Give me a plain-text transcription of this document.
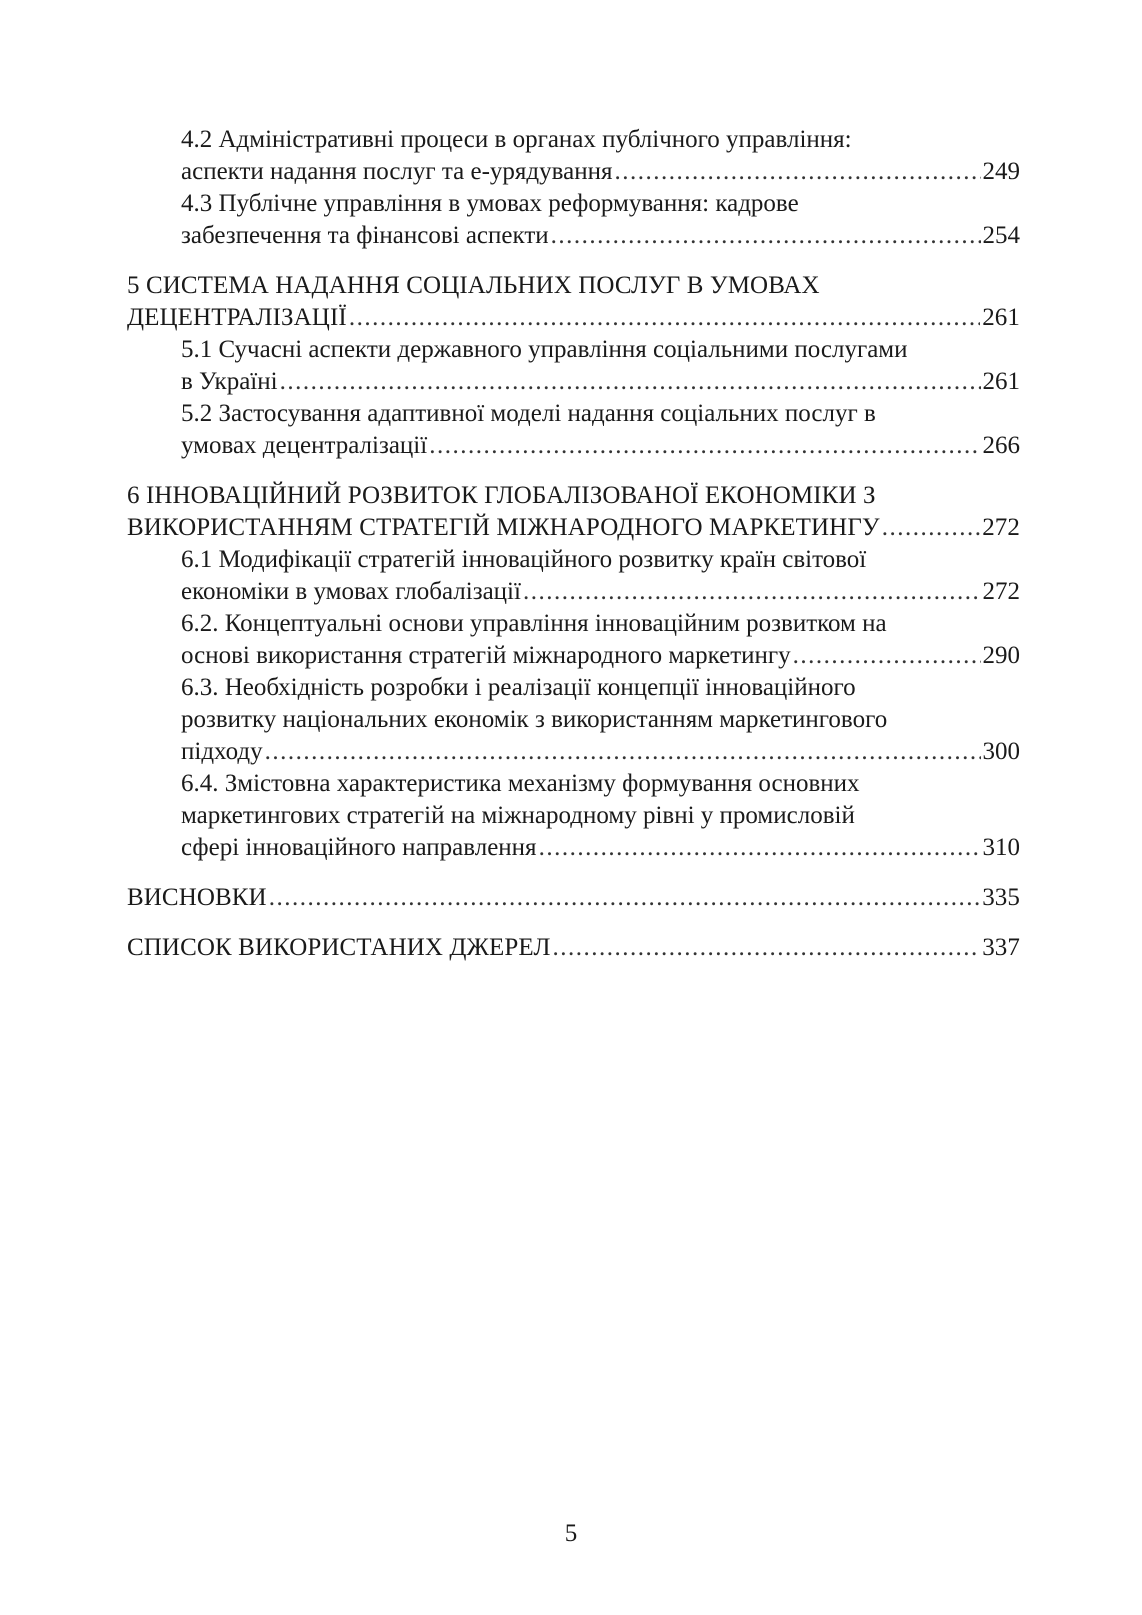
4.2 Адміністративні процеси в органах публічного управління:
аспекти надання послуг та е-урядування .....	249
4.3 Публічне управління в умовах реформування: кадрове
забезпечення та фінансові аспекти .....	254
5 СИСТЕМА НАДАННЯ СОЦІАЛЬНИХ ПОСЛУГ В УМОВАХ
ДЕЦЕНТРАЛІЗАЦІЇ .....	261
5.1 Сучасні аспекти державного управління соціальними послугами
в Україні .....	261
5.2 Застосування адаптивної моделі надання соціальних послуг в
умовах децентралізації .....	266
6 ІННОВАЦІЙНИЙ РОЗВИТОК ГЛОБАЛІЗОВАНОЇ ЕКОНОМІКИ З
ВИКОРИСТАННЯМ СТРАТЕГІЙ МІЖНАРОДНОГО МАРКЕТИНГУ .....	272
6.1 Модифікації стратегій інноваційного розвитку країн світової
економіки в умовах глобалізації .....	272
6.2. Концептуальні основи управління інноваційним розвитком на
основі використання стратегій міжнародного маркетингу .....	290
6.3. Необхідність розробки і реалізації концепції інноваційного
розвитку національних економік з використанням маркетингового
підходу .....	300
6.4. Змістовна характеристика механізму формування основних
маркетингових стратегій на міжнародному рівні у промисловій
сфері інноваційного направлення .....	310
ВИСНОВКИ .....	335
СПИСОК ВИКОРИСТАНИХ ДЖЕРЕЛ .....	337
5
